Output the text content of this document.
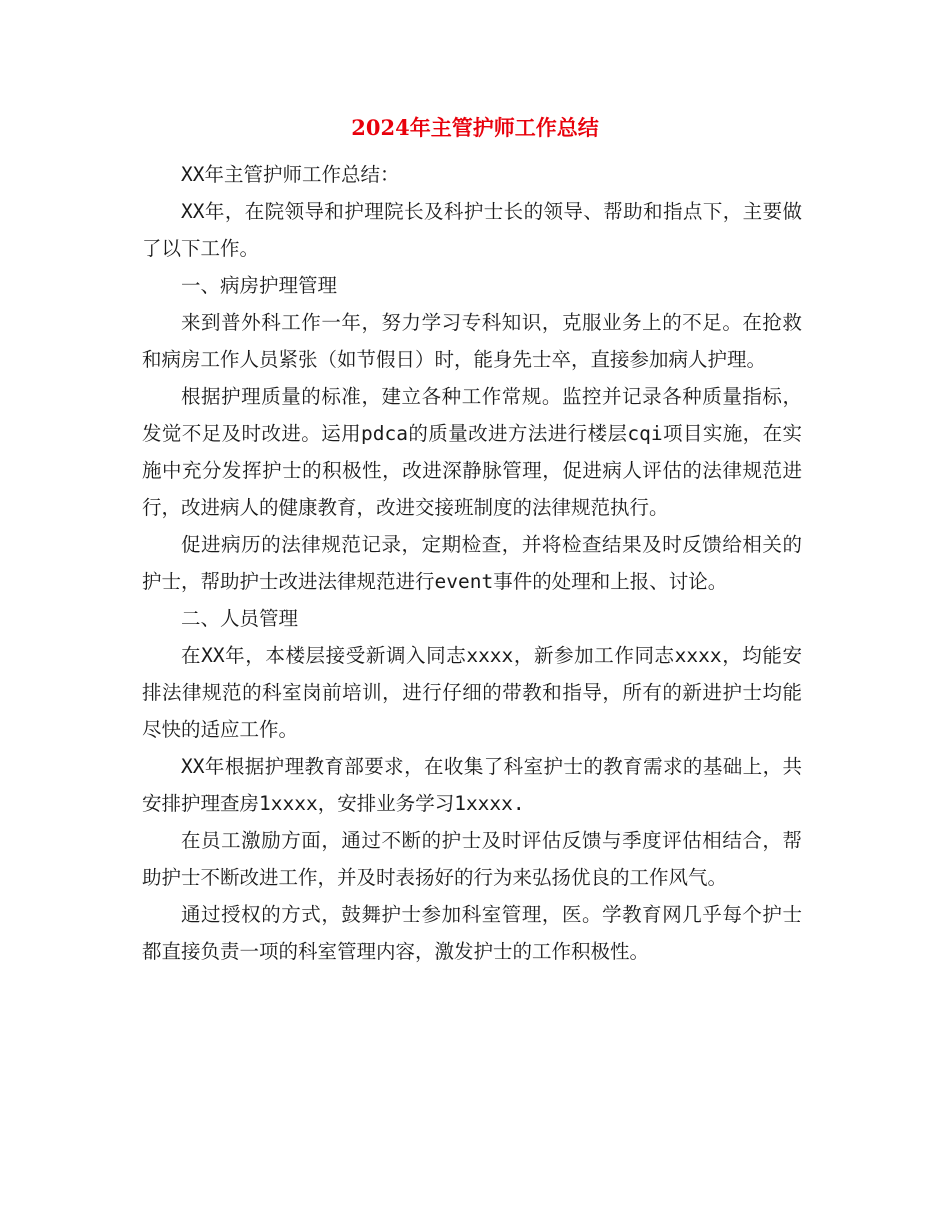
2024年主管护师工作总结

XX年主管护师工作总结：

XX年，在院领导和护理院长及科护士长的领导、帮助和指点下，主要做了以下工作。

一、病房护理管理

来到普外科工作一年，努力学习专科知识，克服业务上的不足。在抢救和病房工作人员紧张（如节假日）时，能身先士卒，直接参加病人护理。

根据护理质量的标准，建立各种工作常规。监控并记录各种质量指标，发觉不足及时改进。运用pdca的质量改进方法进行楼层cqi项目实施，在实施中充分发挥护士的积极性，改进深静脉管理，促进病人评估的法律规范进行，改进病人的健康教育，改进交接班制度的法律规范执行。

促进病历的法律规范记录，定期检查，并将检查结果及时反馈给相关的护士，帮助护士改进法律规范进行event事件的处理和上报、讨论。

二、人员管理

在XX年，本楼层接受新调入同志xxxx，新参加工作同志xxxx，均能安排法律规范的科室岗前培训，进行仔细的带教和指导，所有的新进护士均能尽快的适应工作。

XX年根据护理教育部要求，在收集了科室护士的教育需求的基础上，共安排护理查房1xxxx，安排业务学习1xxxx.

在员工激励方面，通过不断的护士及时评估反馈与季度评估相结合，帮助护士不断改进工作，并及时表扬好的行为来弘扬优良的工作风气。

通过授权的方式，鼓舞护士参加科室管理，医。学教育网几乎每个护士都直接负责一项的科室管理内容，激发护士的工作积极性。
